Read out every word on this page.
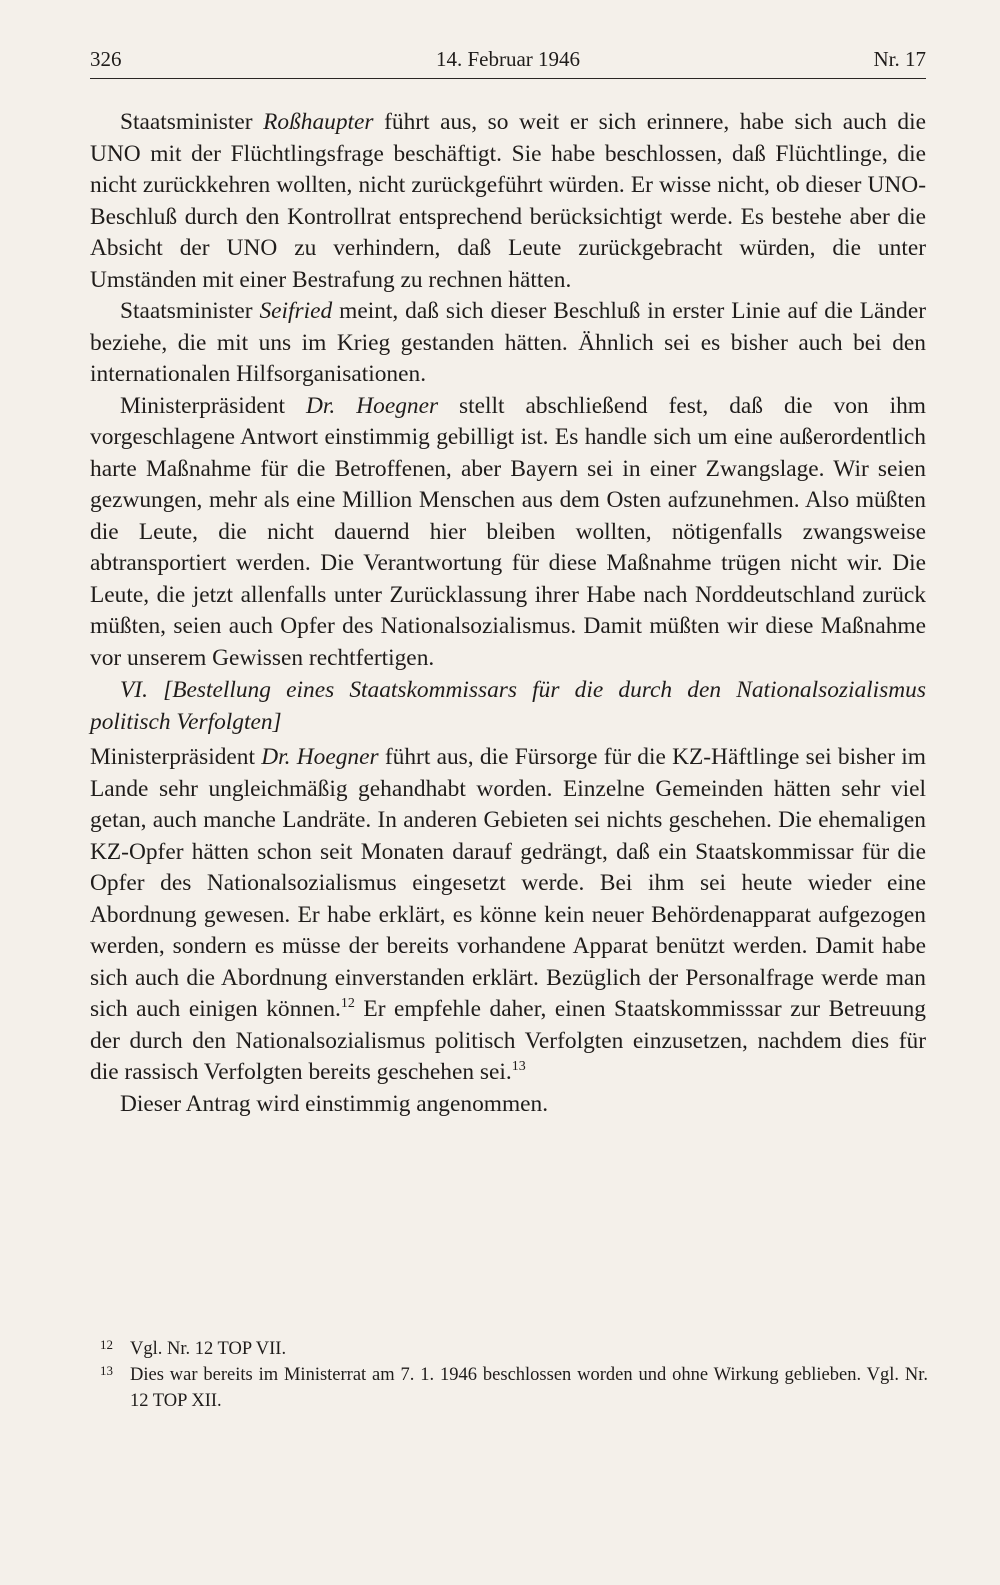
326	14. Februar 1946	Nr. 17

Staatsminister Roßhaupter führt aus, so weit er sich erinnere, habe sich auch die UNO mit der Flüchtlingsfrage beschäftigt. Sie habe beschlossen, daß Flüchtlinge, die nicht zurückkehren wollten, nicht zurückgeführt würden. Er wisse nicht, ob dieser UNO-Beschluß durch den Kontrollrat entsprechend berücksichtigt werde. Es bestehe aber die Absicht der UNO zu verhindern, daß Leute zurückgebracht würden, die unter Umständen mit einer Bestrafung zu rechnen hätten.

Staatsminister Seifried meint, daß sich dieser Beschluß in erster Linie auf die Länder beziehe, die mit uns im Krieg gestanden hätten. Ähnlich sei es bisher auch bei den internationalen Hilfsorganisationen.

Ministerpräsident Dr. Hoegner stellt abschließend fest, daß die von ihm vorgeschlagene Antwort einstimmig gebilligt ist. Es handle sich um eine außerordentlich harte Maßnahme für die Betroffenen, aber Bayern sei in einer Zwangslage. Wir seien gezwungen, mehr als eine Million Menschen aus dem Osten aufzunehmen. Also müßten die Leute, die nicht dauernd hier bleiben wollten, nötigenfalls zwangsweise abtransportiert werden. Die Verantwortung für diese Maßnahme trügen nicht wir. Die Leute, die jetzt allenfalls unter Zurücklassung ihrer Habe nach Norddeutschland zurück müßten, seien auch Opfer des Nationalsozialismus. Damit müßten wir diese Maßnahme vor unserem Gewissen rechtfertigen.

VI. [Bestellung eines Staatskommissars für die durch den Nationalsozialismus politisch Verfolgten]

Ministerpräsident Dr. Hoegner führt aus, die Fürsorge für die KZ-Häftlinge sei bisher im Lande sehr ungleichmäßig gehandhabt worden. Einzelne Gemeinden hätten sehr viel getan, auch manche Landräte. In anderen Gebieten sei nichts geschehen. Die ehemaligen KZ-Opfer hätten schon seit Monaten darauf gedrängt, daß ein Staatskommissar für die Opfer des Nationalsozialismus eingesetzt werde. Bei ihm sei heute wieder eine Abordnung gewesen. Er habe erklärt, es könne kein neuer Behördenapparat aufgezogen werden, sondern es müsse der bereits vorhandene Apparat benützt werden. Damit habe sich auch die Abordnung einverstanden erklärt. Bezüglich der Personalfrage werde man sich auch einigen können.$^{12}$ Er empfehle daher, einen Staatskommisssar zur Betreuung der durch den Nationalsozialismus politisch Verfolgten einzusetzen, nachdem dies für die rassisch Verfolgten bereits geschehen sei.$^{13}$

Dieser Antrag wird einstimmig angenommen.

12 Vgl. Nr. 12 TOP VII.
13 Dies war bereits im Ministerrat am 7. 1. 1946 beschlossen worden und ohne Wirkung geblieben. Vgl. Nr. 12 TOP XII.
